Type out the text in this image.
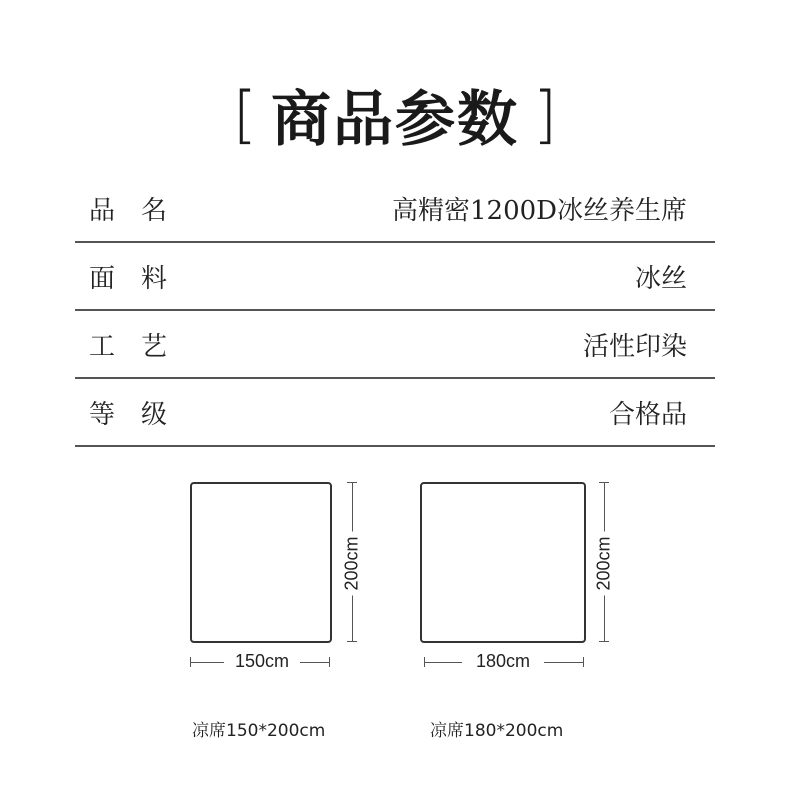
[ 商品参数 ]
品名	高精密1200D冰丝养生席
面料	冰丝
工艺	活性印染
等级	合格品
200cm
150cm
凉席150*200cm
200cm
180cm
凉席180*200cm
